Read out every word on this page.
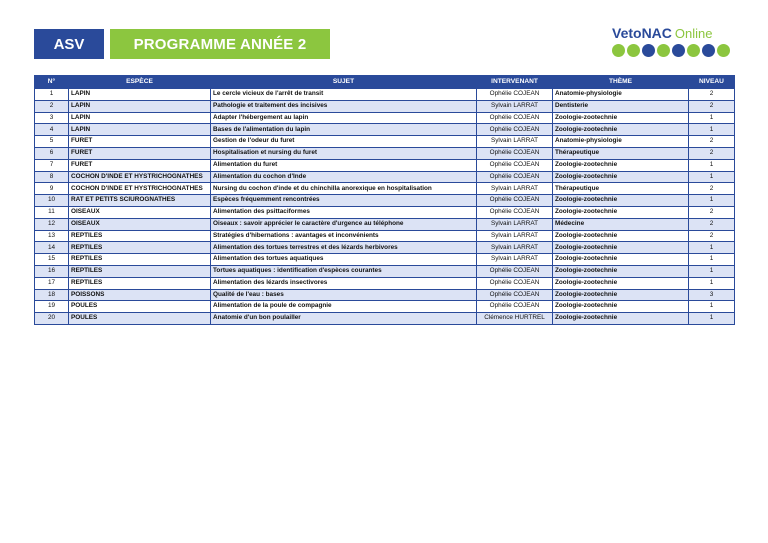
ASV	PROGRAMME ANNÉE 2
VetoNAC Online
N°	ESPÈCE	SUJET	INTERVENANT	THÈME	NIVEAU
1	LAPIN	Le cercle vicieux de l'arrêt de transit	Ophélie COJEAN	Anatomie-physiologie	2
2	LAPIN	Pathologie et traitement des incisives	Sylvain LARRAT	Dentisterie	2
3	LAPIN	Adapter l'hébergement au lapin	Ophélie COJEAN	Zoologie-zootechnie	1
4	LAPIN	Bases de l'alimentation du lapin	Ophélie COJEAN	Zoologie-zootechnie	1
5	FURET	Gestion de l'odeur du furet	Sylvain LARRAT	Anatomie-physiologie	2
6	FURET	Hospitalisation et nursing du furet	Ophélie COJEAN	Thérapeutique	2
7	FURET	Alimentation du furet	Ophélie COJEAN	Zoologie-zootechnie	1
8	COCHON D'INDE ET HYSTRICHOGNATHES	Alimentation du cochon d'Inde	Ophélie COJEAN	Zoologie-zootechnie	1
9	COCHON D'INDE ET HYSTRICHOGNATHES	Nursing du cochon d'inde et du chinchilla anorexique en hospitalisation	Sylvain LARRAT	Thérapeutique	2
10	RAT ET PETITS SCIUROGNATHES	Espèces fréquemment rencontrées	Ophélie COJEAN	Zoologie-zootechnie	1
11	OISEAUX	Alimentation des psittaciformes	Ophélie COJEAN	Zoologie-zootechnie	2
12	OISEAUX	Oiseaux : savoir apprécier le caractère d'urgence au téléphone	Sylvain LARRAT	Médecine	2
13	REPTILES	Stratégies d'hibernations : avantages et inconvénients	Sylvain LARRAT	Zoologie-zootechnie	2
14	REPTILES	Alimentation des tortues terrestres et des lézards herbivores	Sylvain LARRAT	Zoologie-zootechnie	1
15	REPTILES	Alimentation des tortues aquatiques	Sylvain LARRAT	Zoologie-zootechnie	1
16	REPTILES	Tortues aquatiques : identification d'espèces courantes	Ophélie COJEAN	Zoologie-zootechnie	1
17	REPTILES	Alimentation des lézards insectivores	Ophélie COJEAN	Zoologie-zootechnie	1
18	POISSONS	Qualité de l'eau : bases	Ophélie COJEAN	Zoologie-zootechnie	3
19	POULES	Alimentation de la poule de compagnie	Ophélie COJEAN	Zoologie-zootechnie	1
20	POULES	Anatomie d'un bon poulailler	Clémence HURTREL	Zoologie-zootechnie	1
